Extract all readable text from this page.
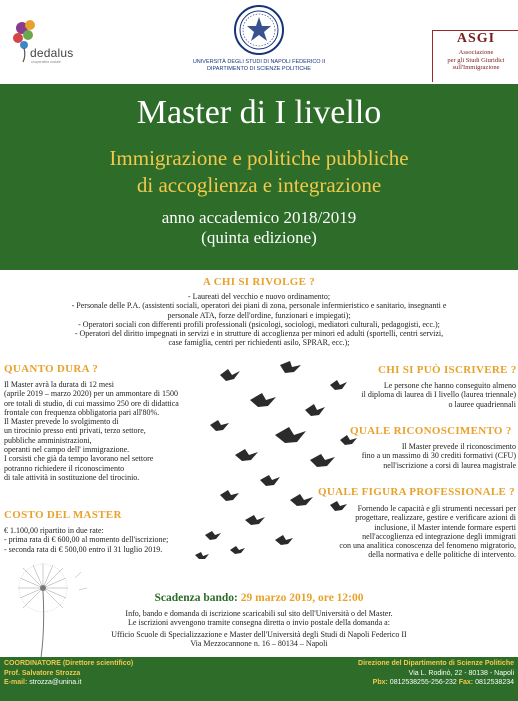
dedalus
cooperativa sociale	UNIVERSITÀ DEGLI STUDI DI NAPOLI FEDERICO II
DIPARTIMENTO DI SCIENZE POLITICHE
ASGI
Associazione
per gli Studi Giuridici
sull'Immigrazione
Master di I livello
Immigrazione e politiche pubbliche
di accoglienza e integrazione
anno accademico 2018/2019
(quinta edizione)
A CHI SI RIVOLGE ?
- Laureati del vecchio e nuovo ordinamento;
- Personale delle P.A. (assistenti sociali, operatori dei piani di zona, personale infermieristico e sanitario, insegnanti e
personale ATA, forze dell'ordine, funzionari e impiegati);
- Operatori sociali con differenti profili professionali (psicologi, sociologi, mediatori culturali, pedagogisti, ecc.);
- Operatori del diritto impegnati in servizi e in strutture di accoglienza per minori ed adulti (sportelli, centri servizi,
case famiglia, centri per richiedenti asilo, SPRAR, ecc.);
QUANTO DURA ?
Il Master avrà la durata di 12 mesi
(aprile 2019 – marzo 2020) per un ammontare di 1500
ore totali di studio, di cui massimo 250 ore di didattica
frontale con frequenza obbligatoria pari all'80%.
Il Master prevede lo svolgimento di
un tirocinio presso enti privati, terzo settore,
pubbliche amministrazioni,
operanti nel campo dell' immigrazione.
I corsisti che già da tempo lavorano nel settore
potranno richiedere il riconoscimento
di tale attività in sostituzione del tirocinio.
COSTO DEL MASTER
€ 1.100,00 ripartito in due rate:
- prima rata di € 600,00 al momento dell'iscrizione;
- seconda rata di € 500,00 entro il 31 luglio 2019.
CHI SI PUÒ ISCRIVERE ?
Le persone che hanno conseguito almeno
il diploma di laurea di I livello (laurea triennale)
o lauree quadriennali
QUALE RICONOSCIMENTO ?
Il Master prevede il riconoscimento
fino a un massimo di 30 crediti formativi (CFU)
nell'iscrizione a corsi di laurea magistrale
QUALE FIGURA PROFESSIONALE ?
Fornendo le capacità e gli strumenti necessari per
progettare, realizzare, gestire e verificare azioni di
inclusione, il Master intende formare esperti
nell'accoglienza ed integrazione degli immigrati
con una analitica conoscenza del fenomeno migratorio,
della normativa e delle politiche di intervento.
Scadenza bando: 29 marzo 2019, ore 12:00
Info, bando e domanda di iscrizione scaricabili sul sito dell'Università o del Master.
Le iscrizioni avvengono tramite consegna diretta o invio postale della domanda a:
Ufficio Scuole di Specializzazione e Master dell'Università degli Studi di Napoli Federico II
Via Mezzocannone n. 16 – 80134 – Napoli
COORDINATORE (Direttore scientifico)
Prof. Salvatore Strozza
E-mail: strozza@unina.it
Direzione del Dipartimento di Scienze Politiche
Via L. Rodinò, 22 - 80138 - Napoli
Pbx: 0812538255-256-232 Fax: 0812538234
